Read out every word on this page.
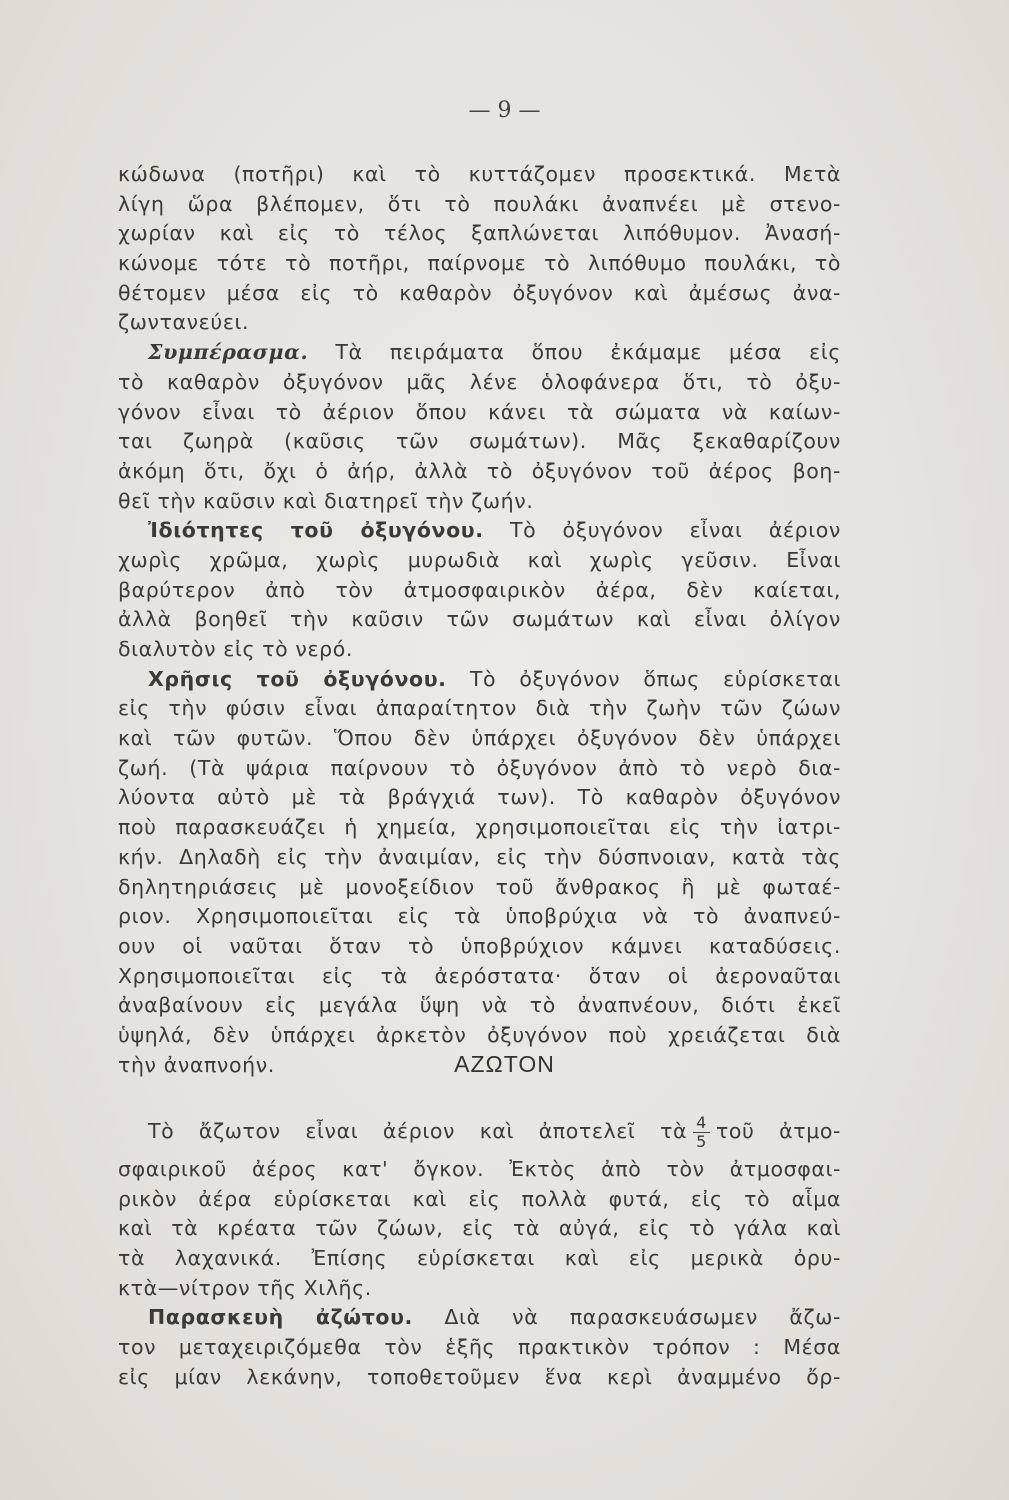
— 9 —
κώδωνα (ποτῆρι) καὶ τὸ κυττάζομεν προσεκτικά. Μετὰ
λίγη ὥρα βλέπομεν, ὅτι τὸ πουλάκι ἀναπνέει μὲ στενο-
χωρίαν καὶ εἰς τὸ τέλος ξαπλώνεται λιπόθυμον. Ἀνασή-
κώνομε τότε τὸ ποτῆρι, παίρνομε τὸ λιπόθυμο πουλάκι, τὸ
θέτομεν μέσα εἰς τὸ καθαρὸν ὀξυγόνον καὶ ἀμέσως ἀνα-
ζωντανεύει.
Συμπέρασμα. Τὰ πειράματα ὅπου ἐκάμαμε μέσα εἰς
τὸ καθαρὸν ὀξυγόνον μᾶς λένε ὁλοφάνερα ὅτι, τὸ ὀξυ-
γόνον εἶναι τὸ ἀέριον ὅπου κάνει τὰ σώματα νὰ καίων-
ται ζωηρὰ (καῦσις τῶν σωμάτων). Μᾶς ξεκαθαρίζουν
ἀκόμη ὅτι, ὄχι ὁ ἀήρ, ἀλλὰ τὸ ὀξυγόνον τοῦ ἀέρος βοη-
θεῖ τὴν καῦσιν καὶ διατηρεῖ τὴν ζωήν.
Ἰδιότητες τοῦ ὀξυγόνου. Τὸ ὀξυγόνον εἶναι ἀέριον
χωρὶς χρῶμα, χωρὶς μυρωδιὰ καὶ χωρὶς γεῦσιν. Εἶναι
βαρύτερον ἀπὸ τὸν ἀτμοσφαιρικὸν ἀέρα, δὲν καίεται,
ἀλλὰ βοηθεῖ τὴν καῦσιν τῶν σωμάτων καὶ εἶναι ὀλίγον
διαλυτὸν εἰς τὸ νερό.
Χρῆσις τοῦ ὀξυγόνου. Τὸ ὀξυγόνον ὅπως εὑρίσκεται
εἰς τὴν φύσιν εἶναι ἀπαραίτητον διὰ τὴν ζωὴν τῶν ζώων
καὶ τῶν φυτῶν. Ὅπου δὲν ὑπάρχει ὀξυγόνον δὲν ὑπάρχει
ζωή. (Τὰ ψάρια παίρνουν τὸ ὀξυγόνον ἀπὸ τὸ νερὸ δια-
λύοντα αὐτὸ μὲ τὰ βράγχιά των). Τὸ καθαρὸν ὀξυγόνον
ποὺ παρασκευάζει ἡ χημεία, χρησιμοποιεῖται εἰς τὴν ἰατρι-
κήν. Δηλαδὴ εἰς τὴν ἀναιμίαν, εἰς τὴν δύσπνοιαν, κατὰ τὰς
δηλητηριάσεις μὲ μονοξείδιον τοῦ ἄνθρακος ἢ μὲ φωταέ-
ριον. Χρησιμοποιεῖται εἰς τὰ ὑποβρύχια νὰ τὸ ἀναπνεύ-
ουν οἱ ναῦται ὅταν τὸ ὑποβρύχιον κάμνει καταδύσεις.
Χρησιμοποιεῖται εἰς τὰ ἀερόστατα· ὅταν οἱ ἀεροναῦται
ἀναβαίνουν εἰς μεγάλα ὕψη νὰ τὸ ἀναπνέουν, διότι ἐκεῖ
ὑψηλά, δὲν ὑπάρχει ἀρκετὸν ὀξυγόνον ποὺ χρειάζεται διὰ
τὴν ἀναπνοήν.	ΑΖΩΤΟΝ
Τὸ ἄζωτον εἶναι ἀέριον καὶ ἀποτελεῖ τὰ $\frac{4}{5}$ τοῦ ἀτμο-
σφαιρικοῦ ἀέρος κατ' ὄγκον. Ἐκτὸς ἀπὸ τὸν ἀτμοσφαι-
ρικὸν ἀέρα εὑρίσκεται καὶ εἰς πολλὰ φυτά, εἰς τὸ αἷμα
καὶ τὰ κρέατα τῶν ζώων, εἰς τὰ αὐγά, εἰς τὸ γάλα καὶ
τὰ λαχανικά. Ἐπίσης εὑρίσκεται καὶ εἰς μερικὰ ὀρυ-
κτὰ—νίτρον τῆς Χιλῆς.
Παρασκευὴ ἀζώτου. Διὰ νὰ παρασκευάσωμεν ἄζω-
τον μεταχειριζόμεθα τὸν ἑξῆς πρακτικὸν τρόπον : Μέσα
εἰς μίαν λεκάνην, τοποθετοῦμεν ἕνα κερὶ ἀναμμένο ὄρ-
